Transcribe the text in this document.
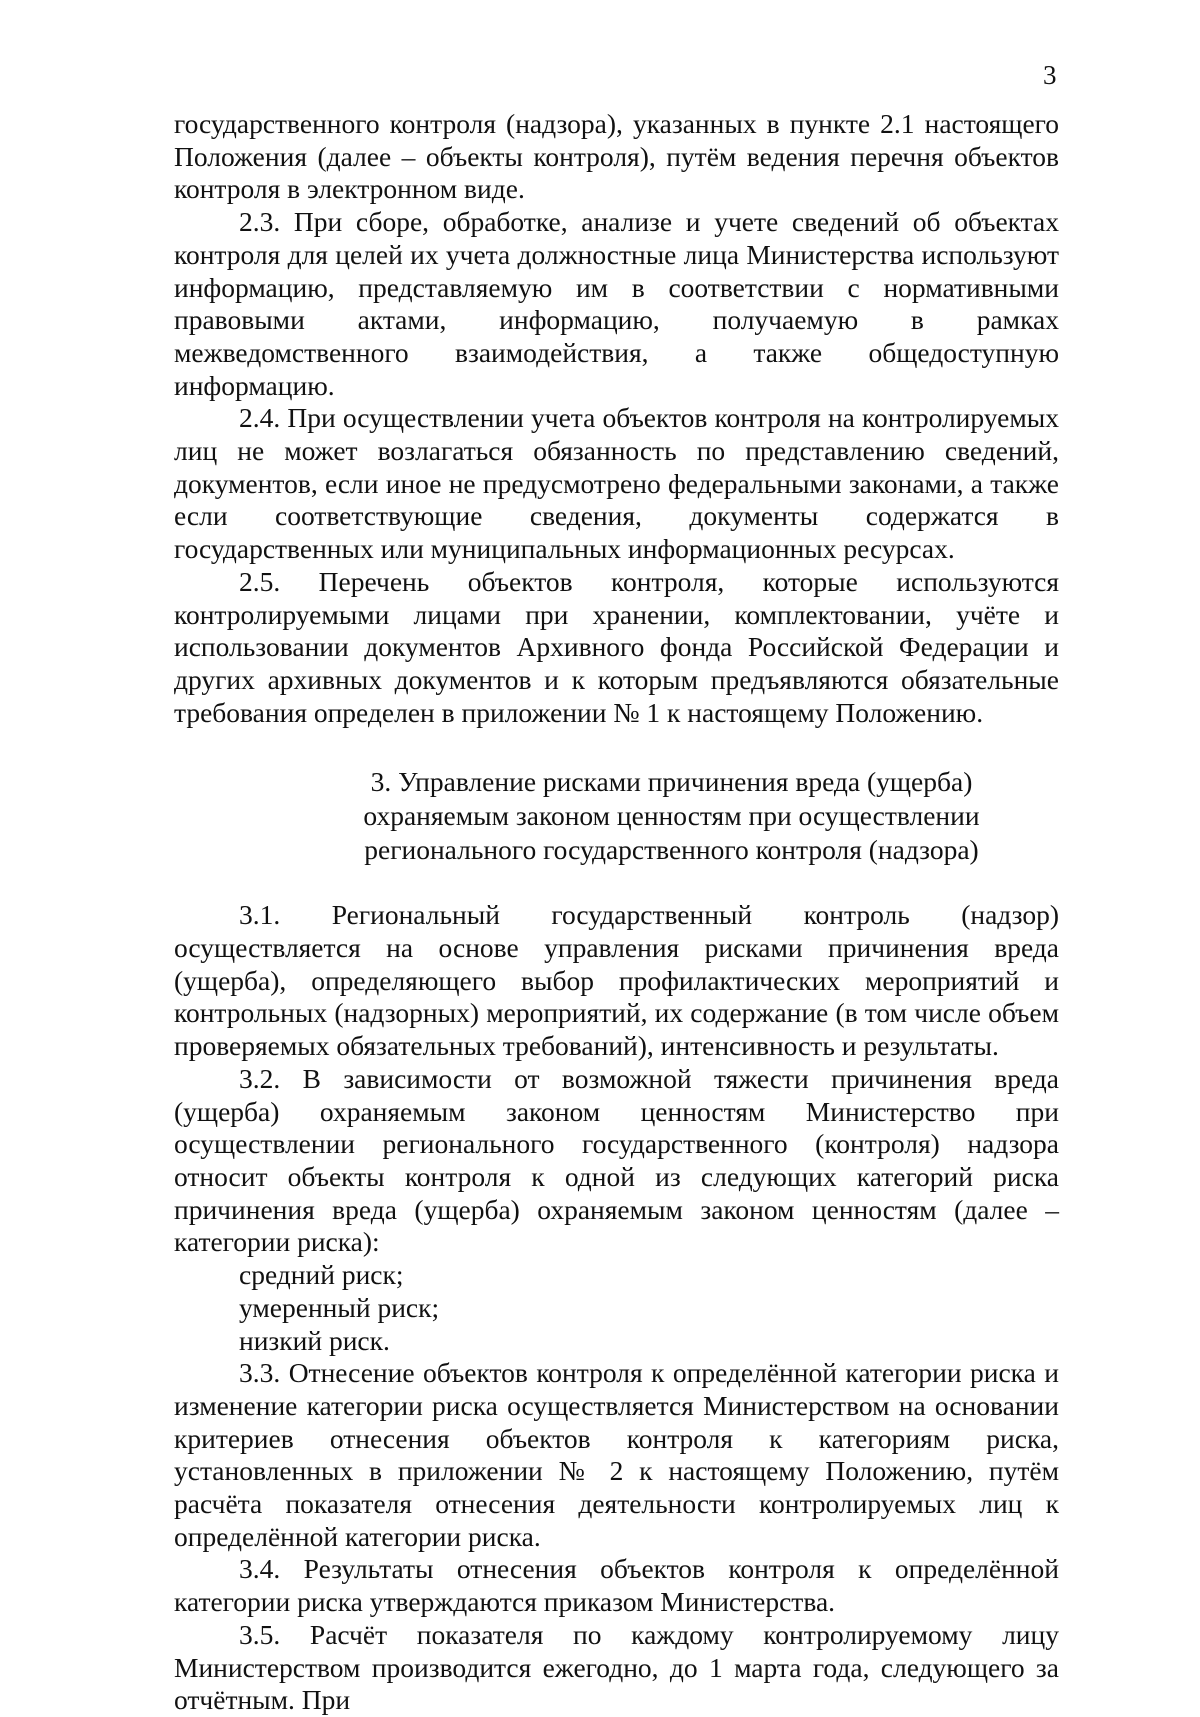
3

государственного контроля (надзора), указанных в пункте 2.1 настоящего Положения (далее – объекты контроля), путём ведения перечня объектов контроля в электронном виде.

2.3. При сборе, обработке, анализе и учете сведений об объектах контроля для целей их учета должностные лица Министерства используют информацию, представляемую им в соответствии с нормативными правовыми актами, информацию, получаемую в рамках межведомственного взаимодействия, а также общедоступную информацию.

2.4. При осуществлении учета объектов контроля на контролируемых лиц не может возлагаться обязанность по представлению сведений, документов, если иное не предусмотрено федеральными законами, а также если соответствующие сведения, документы содержатся в государственных или муниципальных информационных ресурсах.

2.5. Перечень объектов контроля, которые используются контролируемыми лицами при хранении, комплектовании, учёте и использовании документов Архивного фонда Российской Федерации и других архивных документов и к которым предъявляются обязательные требования определен в приложении № 1 к настоящему Положению.

3. Управление рисками причинения вреда (ущерба)
охраняемым законом ценностям при осуществлении
регионального государственного контроля (надзора)

3.1. Региональный государственный контроль (надзор) осуществляется на основе управления рисками причинения вреда (ущерба), определяющего выбор профилактических мероприятий и контрольных (надзорных) мероприятий, их содержание (в том числе объем проверяемых обязательных требований), интенсивность и результаты.

3.2. В зависимости от возможной тяжести причинения вреда (ущерба) охраняемым законом ценностям Министерство при осуществлении регионального государственного (контроля) надзора относит объекты контроля к одной из следующих категорий риска причинения вреда (ущерба) охраняемым законом ценностям (далее – категории риска):

средний риск;

умеренный риск;

низкий риск.

3.3. Отнесение объектов контроля к определённой категории риска и изменение категории риска осуществляется Министерством на основании критериев отнесения объектов контроля к категориям риска, установленных в приложении № 2 к настоящему Положению, путём расчёта показателя отнесения деятельности контролируемых лиц к определённой категории риска.

3.4. Результаты отнесения объектов контроля к определённой категории риска утверждаются приказом Министерства.

3.5. Расчёт показателя по каждому контролируемому лицу Министерством производится ежегодно, до 1 марта года, следующего за отчётным. При
